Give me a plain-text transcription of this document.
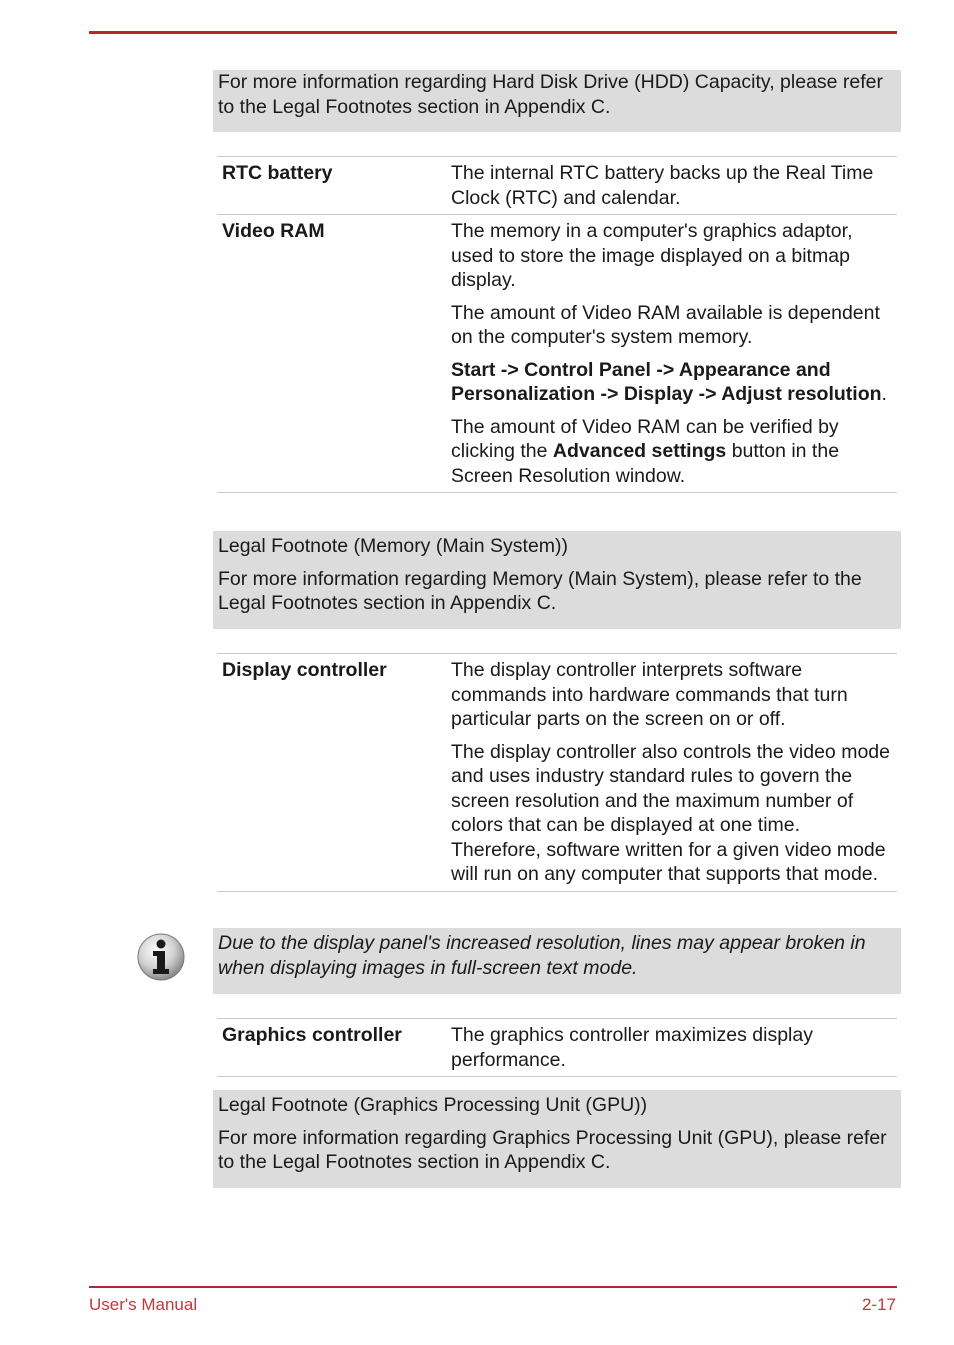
For more information regarding Hard Disk Drive (HDD) Capacity, please refer to the Legal Footnotes section in Appendix C.

RTC battery	The internal RTC battery backs up the Real Time Clock (RTC) and calendar.

Video RAM	The memory in a computer's graphics adaptor, used to store the image displayed on a bitmap display.

The amount of Video RAM available is dependent on the computer's system memory.

Start -> Control Panel -> Appearance and Personalization -> Display -> Adjust resolution.

The amount of Video RAM can be verified by clicking the Advanced settings button in the Screen Resolution window.

Legal Footnote (Memory (Main System))

For more information regarding Memory (Main System), please refer to the Legal Footnotes section in Appendix C.

Display controller	The display controller interprets software commands into hardware commands that turn particular parts on the screen on or off.

The display controller also controls the video mode and uses industry standard rules to govern the screen resolution and the maximum number of colors that can be displayed at one time. Therefore, software written for a given video mode will run on any computer that supports that mode.

Due to the display panel's increased resolution, lines may appear broken in when displaying images in full-screen text mode.

Graphics controller	The graphics controller maximizes display performance.

Legal Footnote (Graphics Processing Unit (GPU))

For more information regarding Graphics Processing Unit (GPU), please refer to the Legal Footnotes section in Appendix C.

User's Manual	2-17
